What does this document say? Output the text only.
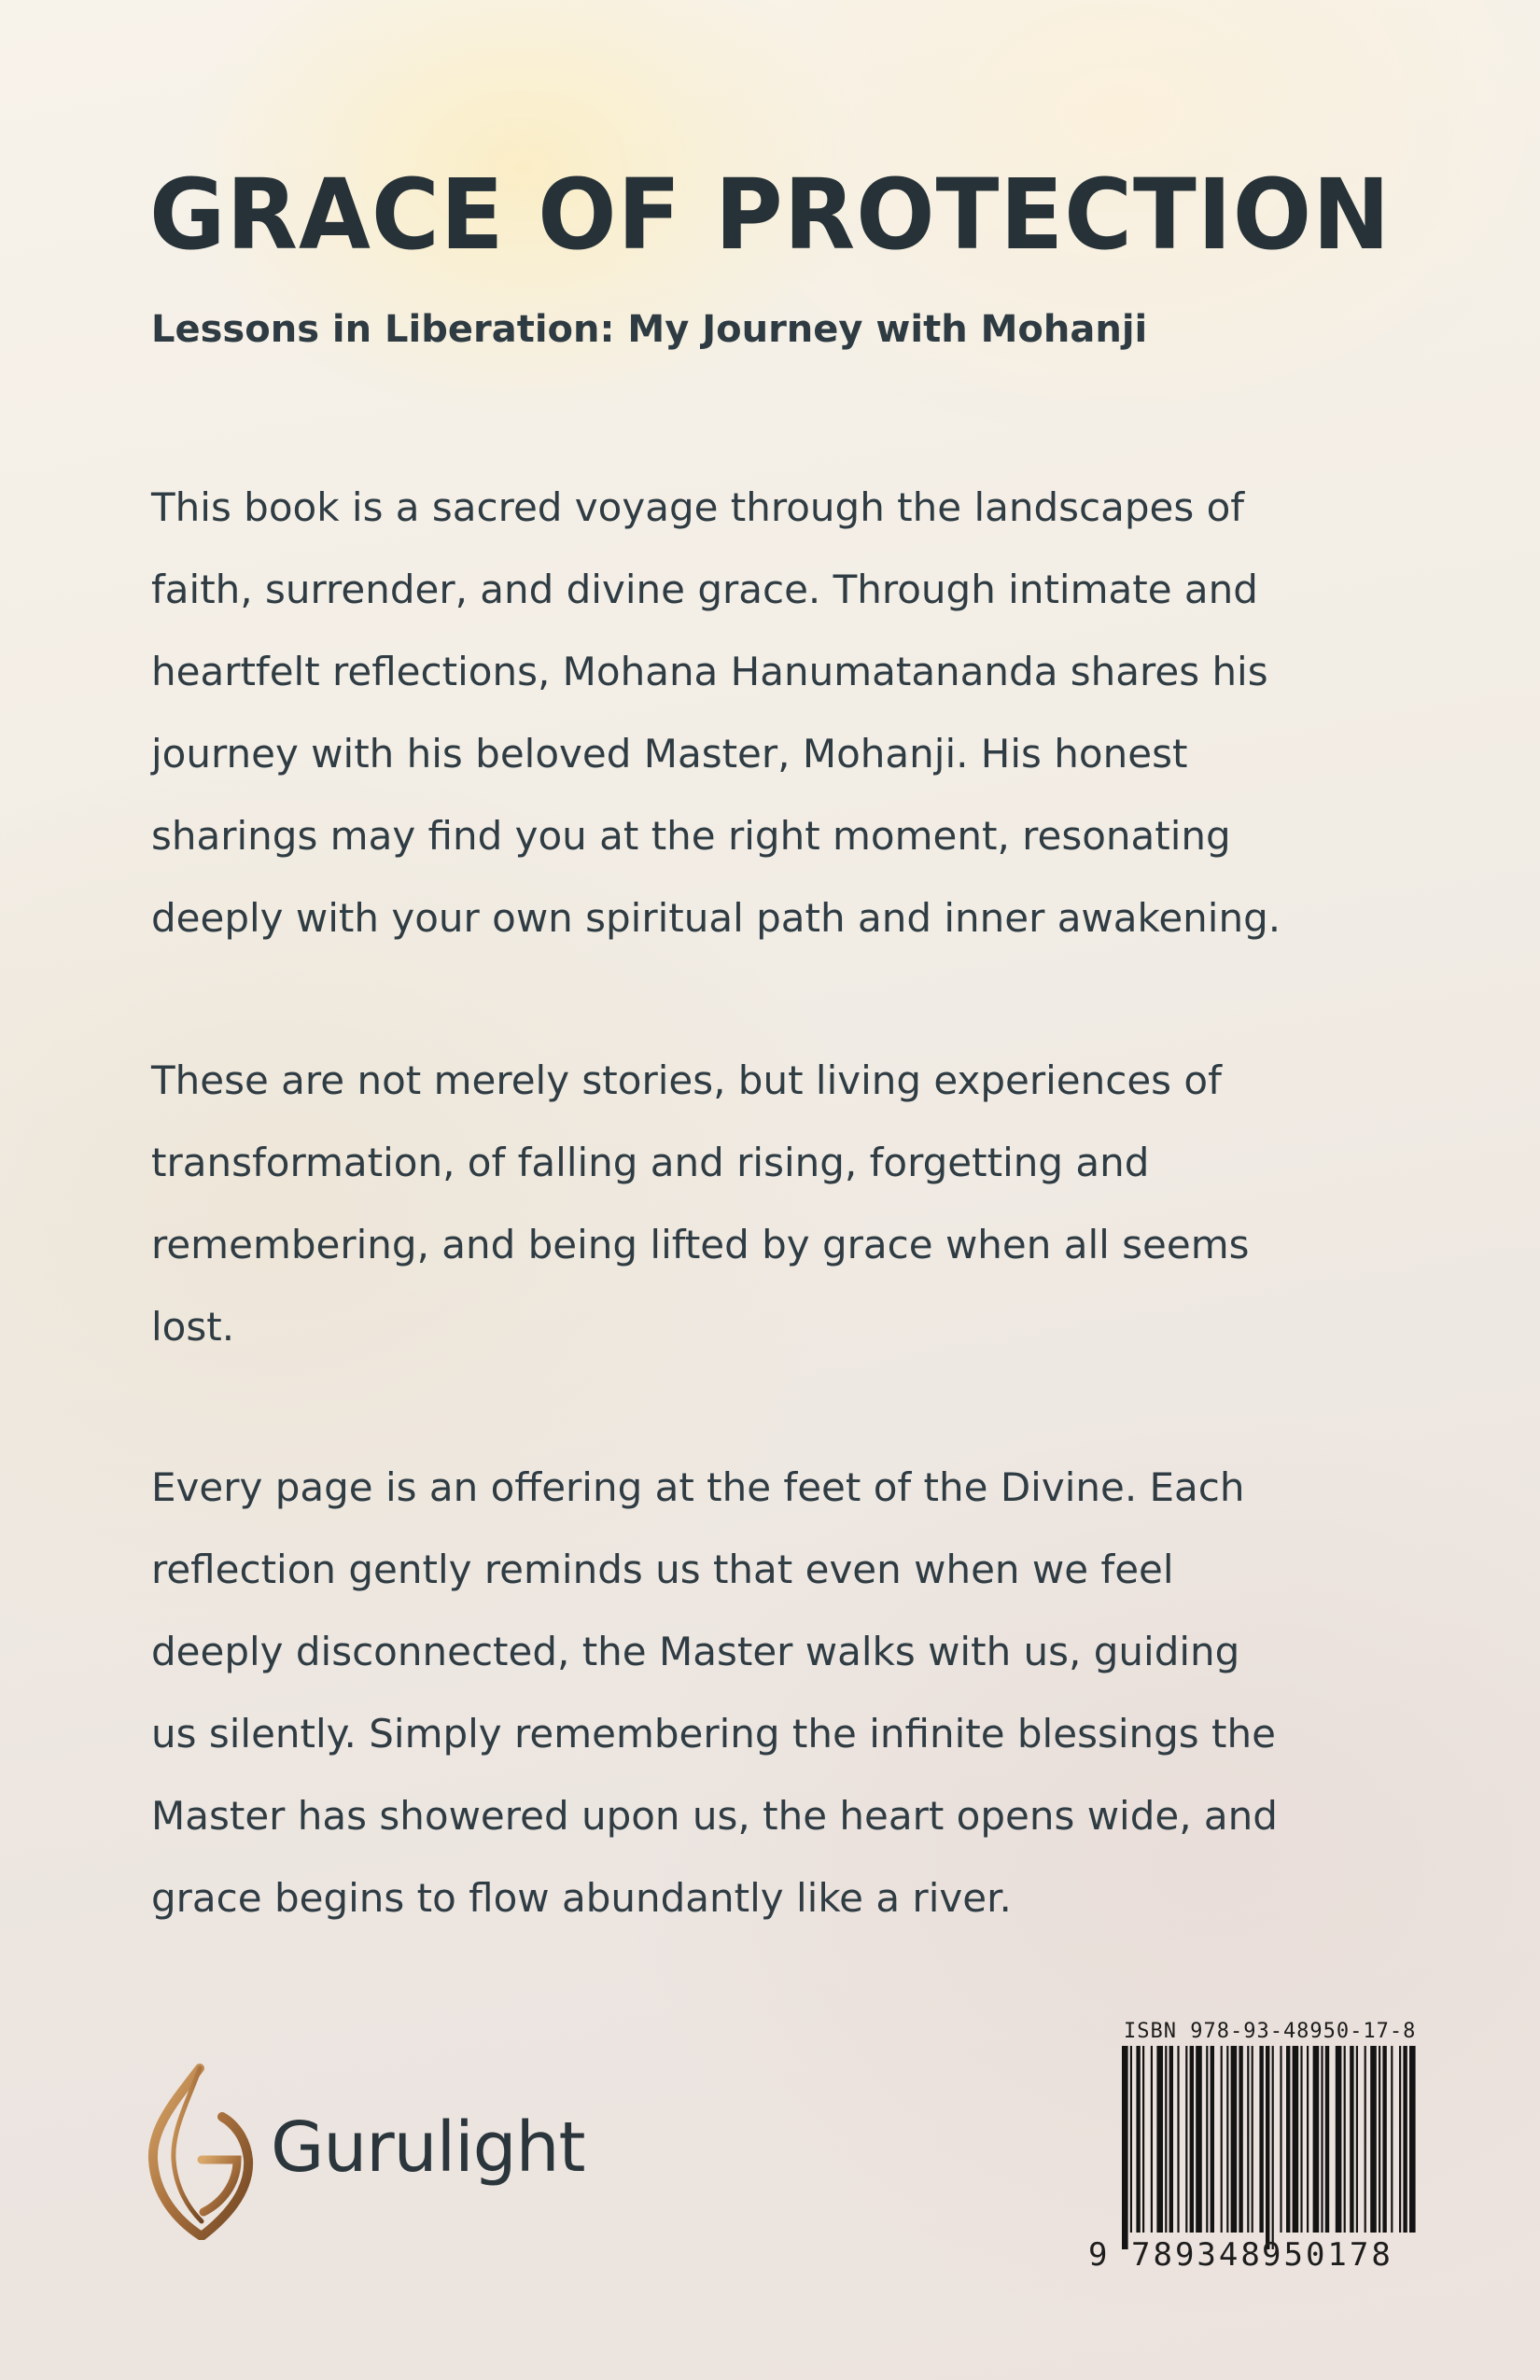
GRACE OF PROTECTION
Lessons in Liberation: My Journey with Mohanji

This book is a sacred voyage through the landscapes of
faith, surrender, and divine grace. Through intimate and
heartfelt reflections, Mohana Hanumatananda shares his
journey with his beloved Master, Mohanji. His honest
sharings may find you at the right moment, resonating
deeply with your own spiritual path and inner awakening.

These are not merely stories, but living experiences of
transformation, of falling and rising, forgetting and
remembering, and being lifted by grace when all seems
lost.

Every page is an offering at the feet of the Divine. Each
reflection gently reminds us that even when we feel
deeply disconnected, the Master walks with us, guiding
us silently. Simply remembering the infinite blessings the
Master has showered upon us, the heart opens wide, and
grace begins to flow abundantly like a river.

Gurulight
ISBN 978-93-48950-17-8
9 789348 950178
